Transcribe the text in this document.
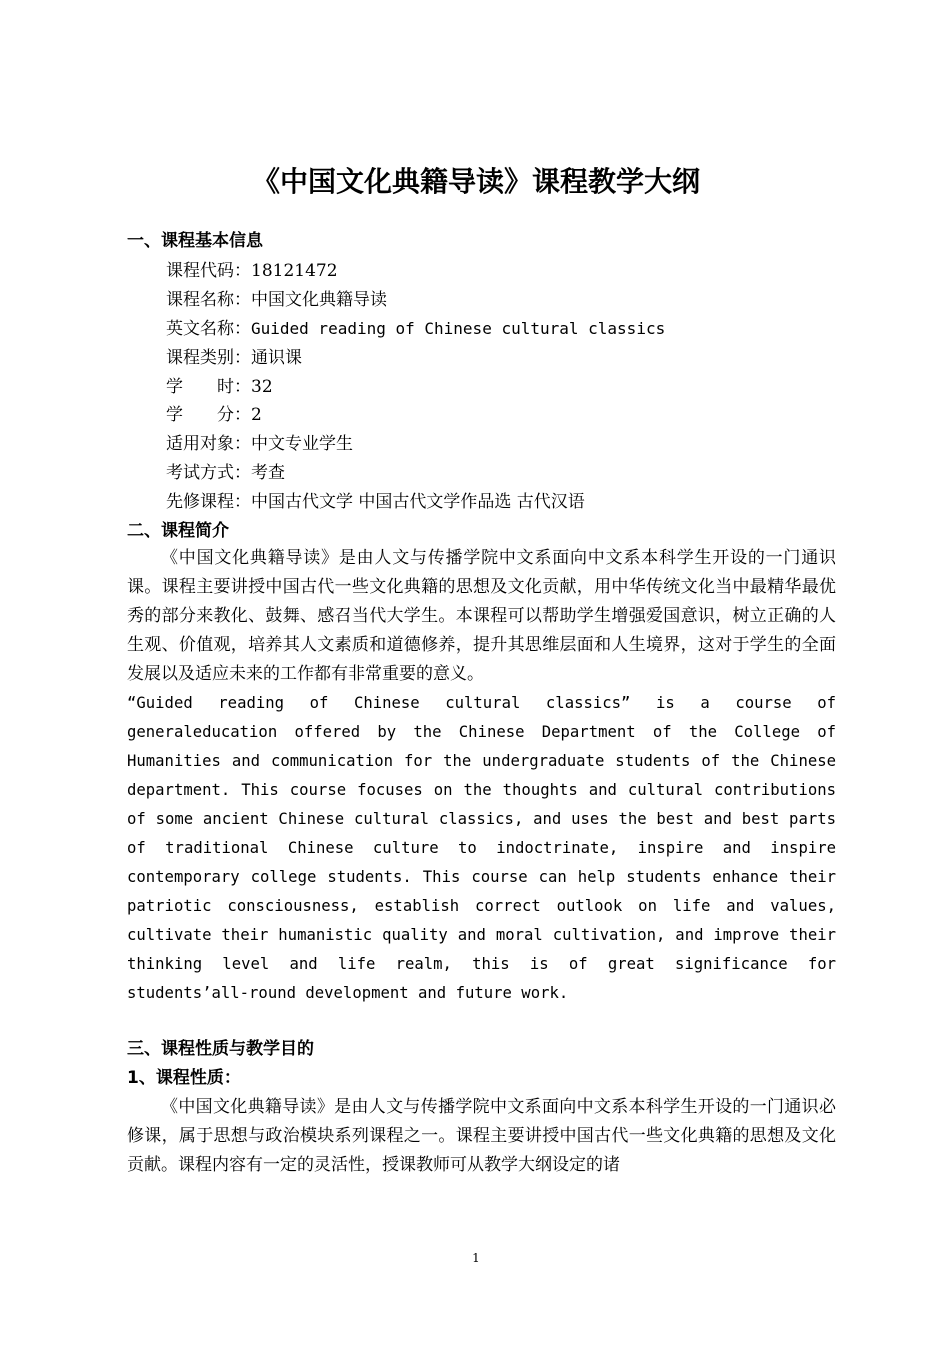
《中国文化典籍导读》课程教学大纲
一、课程基本信息
课程代码：18121472
课程名称：中国文化典籍导读
英文名称：Guided reading of Chinese cultural classics
课程类别：通识课
学　　时：32
学　　分：2
适用对象：中文专业学生
考试方式：考查
先修课程：中国古代文学 中国古代文学作品选 古代汉语
二、课程简介

《中国文化典籍导读》是由人文与传播学院中文系面向中文系本科学生开设的一门通识课。课程主要讲授中国古代一些文化典籍的思想及文化贡献，用中华传统文化当中最精华最优秀的部分来教化、鼓舞、感召当代大学生。本课程可以帮助学生增强爱国意识，树立正确的人生观、价值观，培养其人文素质和道德修养，提升其思维层面和人生境界，这对于学生的全面发展以及适应未来的工作都有非常重要的意义。

“Guided reading of Chinese cultural classics” is a course of generaleducation offered by the Chinese Department of the College of Humanities and communication for the undergraduate students of the Chinese department. This course focuses on the thoughts and cultural contributions of some ancient Chinese cultural classics, and uses the best and best parts of traditional Chinese culture to indoctrinate, inspire and inspire contemporary college students. This course can help students enhance their patriotic consciousness, establish correct outlook on life and values, cultivate their humanistic quality and moral cultivation, and improve their thinking level and life realm, this is of great significance for students’all-round development and future work.

三、课程性质与教学目的
1、课程性质：

《中国文化典籍导读》是由人文与传播学院中文系面向中文系本科学生开设的一门通识必修课，属于思想与政治模块系列课程之一。课程主要讲授中国古代一些文化典籍的思想及文化贡献。课程内容有一定的灵活性，授课教师可从教学大纲设定的诸

1
